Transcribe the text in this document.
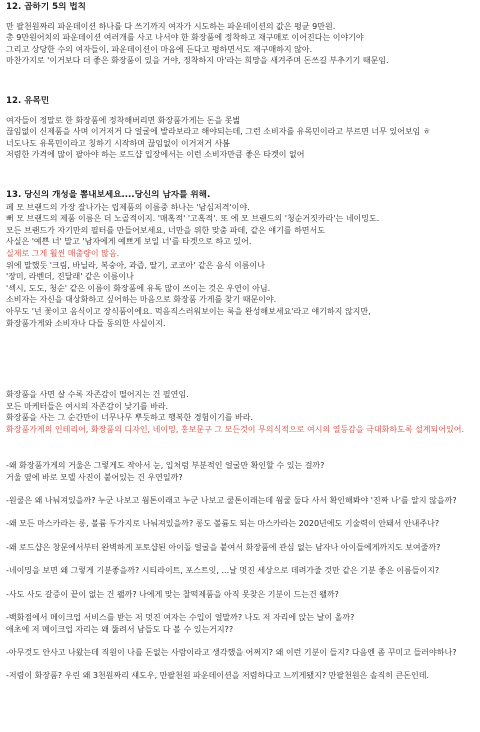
12. 곱하기 5의 법칙
만 팔천원짜리 파운데이션 하나를 다 쓰기까지 여자가 시도하는 파운데이션의 값은 평균 9만원.
총 9만원어치의 파운데이션 여러개를 사고 나서야 한 화장품에 정착하고 재구매로 이어진다는 이야기야
그리고 상당한 수의 여자들이, 파운데이션이 마음에 든다고 평하면서도 재구매하지 않아.
마찬가지로 '이거보다 더 좋은 화장품이 있을 거야, 정착하지 마'라는 희망을 새겨주며 돈쓰길 부추기기 때문임.
12. 유목민
여자들이 정말로 한 화장품에 정착해버리면 화장품가게는 돈을 못벎
끊임없이 신제품을 사며 이거저거 다 얼굴에 발라보라고 해야되는데, 그런 소비자를 유목민이라고 부르면 너무 있어보임 ㅎ
너도나도 유목민이라고 칭하기 시작하며 끊임없이 이거저거 사봄
저렴한 가격에 많이 팔아야 하는 로드샵 입장에서는 이런 소비자만큼 좋은 타겟이 없어
13. 당신의 개성을 뽐내보세요....당신의 남자를 위해.
페 모 브랜드의 가장 잘나가는 립제품의 이름중 하나는 '남심저격'이야.
뻐 모 브랜드의 제품 이름은 더 노골적이지. '매혹적' '고혹적'. 또 에 모 브랜드의 '청순거짓카라'는 네이밍도.
모든 브랜드가 자기만의 필터를 만들어보세요, 너만을 위한 맞춤 파데, 같은 얘기를 하면서도
사실은 '예쁜 너' 말고 '남자에게 예쁘게 보일 너'를 타겟으로 하고 있어.
실제로 그게 훨씬 매출량이 많음.
위에 말했듯 '크림, 바닐라, 복숭아, 과즙, 딸기, 코코아' 같은 음식 이름이나
'장미, 라벤더, 진달래' 같은 이름이나
'섹시, 도도, 청순' 같은 이름이 화장품에 유독 많이 쓰이는 것은 우연이 아님.
소비자는 자신을 대상화하고 싶어하는 마음으로 화장품 가게를 찾기 때문이야.
아무도 '넌 꽃이고 음식이고 장식품이에요. 먹음직스러워보이는 룩을 완성해보세요'라고 얘기하지 않지만,
화장품가게와 소비자나 다들 동의한 사실이지.
화장품을 사면 살 수록 자존감이 떨어지는 건 필연임.
모든 마케터들은 여시의 자존감이 낮기를 바라.
화장품을 사는 그 순간만이 너무나무 뿌듯하고 행복한 경험이기를 바라.
화장품가게의 인테리어, 화장품의 디자인, 네이밍, 홍보문구 그 모든것이 무의식적으로 여시의 열등감을 극대화하도록 설계되어있어.
-왜 화장품가게의 거울은 그렇게도 작아서 눈, 입처럼 부분적인 얼굴만 확인할 수 있는 걸까?
거울 옆에 바로 모델 사진이 붙어있는 건 우연일까?
-원쿨은 왜 나눠져있을까? 누군 나보고 웜톤이래고 누군 나보고 쿨톤이래는데 웜쿨 둘다 사서 확인해봐야 '진짜 나'를 알지 않을까?
-왜 모든 마스카라는 롱, 볼륨 두가지로 나눠져있을까? 롱도 볼륨도 되는 마스카라는 2020년에도 기술력이 안돼서 안내주나?
-왜 로드샵은 창문에서부터 완벽하게 포토샵된 아이돌 얼굴을 붙여서 화장품에 관심 없는 남자나 아이들에게까지도 보여줄까?
-네이밍을 보면 왜 그렇게 기분좋을까? 시티라이트, 포스트잇, ...날 멋진 세상으로 데려가줄 것만 같은 기분 좋은 이름들이지?
-사도 사도 갈증이 끝이 없는 건 왤까? 나에게 맞는 찰떡제품을 아직 못찾은 기분이 드는건 왤까?
-백화점에서 메이크업 서비스를 받는 저 멋진 여자는 수입이 얼말까? 나도 저 자리에 앉는 날이 올까?
애초에 저 메이크업 자리는 왜 뚫려서 남들도 다 볼 수 있는거지??
-아무것도 안사고 나왔는데 직원이 나를 돈없는 사람이라고 생각했을 어쩌지? 왜 이런 기분이 들지? 다음엔 좀 꾸미고 들러야하나?
-저렴이 화장품? 우린 왜 3천원짜리 섀도우, 만팔천원 파운데이션을 저렴하다고 느끼게됐지? 만팔천원은 솔직히 큰돈인데.
